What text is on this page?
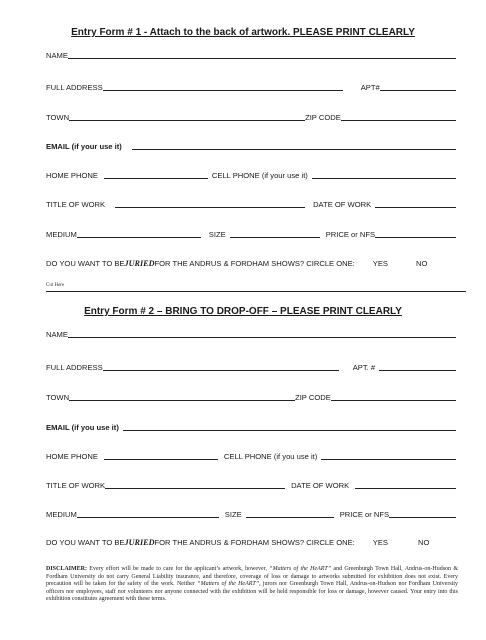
Entry Form # 1 - Attach to the back of artwork. PLEASE PRINT CLEARLY
NAME
FULL ADDRESS	APT#
TOWN	ZIP CODE
EMAIL (if your use it)
HOME PHONE	CELL PHONE (if your use it)
TITLE OF WORK	DATE OF WORK
MEDIUM	SIZE	PRICE or NFS
DO YOU WANT TO BE JURIED FOR THE ANDRUS & FORDHAM SHOWS? CIRCLE ONE: YES	NO
Cut Here
Entry Form # 2 – BRING TO DROP-OFF – PLEASE PRINT CLEARLY
NAME
FULL ADDRESS	APT. #
TOWN	ZIP CODE
EMAIL (if you use it)
HOME PHONE	CELL PHONE (if you use it)
TITLE OF WORK	DATE OF WORK
MEDIUM	SIZE	PRICE or NFS
DO YOU WANT TO BE JURIED FOR THE ANDRUS & FORDHAM SHOWS? CIRCLE ONE: YES	NO
DISCLAIMER: Every effort will be made to care for the applicant’s artwork, however, “Matters of the HeART” and Greenburgh Town Hall, Andrus-on-Hudson & Fordham University do not carry General Liability insurance, and therefore, coverage of loss or damage to artworks submitted for exhibition does not exist. Every precaution will be taken for the safety of the work. Neither “Matters of the HeART”, jurors nor Greenburgh Town Hall, Andrus-on-Hudson nor Fordham University officers nor employees, staff nor volunteers nor anyone connected with the exhibition will be held responsible for loss or damage, however caused. Your entry into this exhibition constitutes agreement with these terms.
